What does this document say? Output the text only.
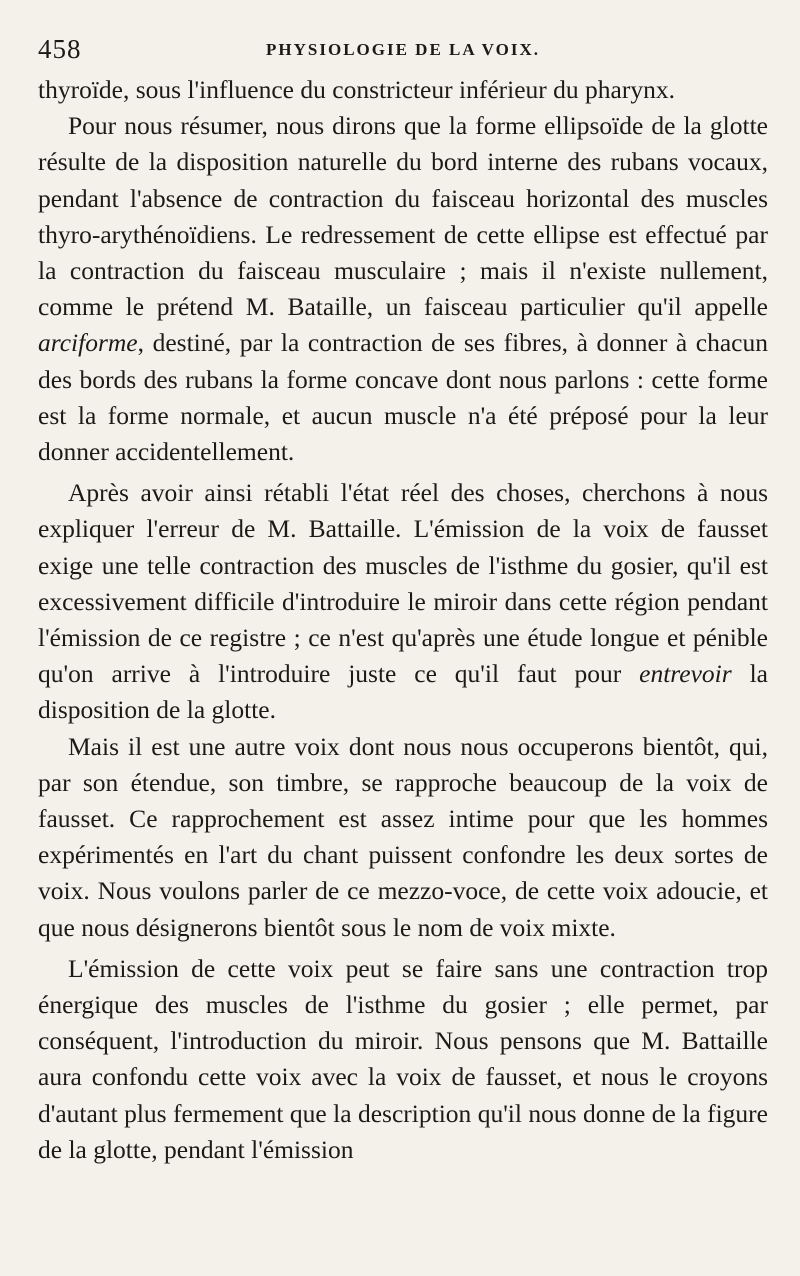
458	PHYSIOLOGIE DE LA VOIX.

thyroïde, sous l'influence du constricteur inférieur du pharynx.

Pour nous résumer, nous dirons que la forme ellipsoïde de la glotte résulte de la disposition naturelle du bord interne des rubans vocaux, pendant l'absence de contraction du faisceau horizontal des muscles thyro-arythénoïdiens. Le redressement de cette ellipse est effectué par la contraction du faisceau musculaire ; mais il n'existe nullement, comme le prétend M. Bataille, un faisceau particulier qu'il appelle arciforme, destiné, par la contraction de ses fibres, à donner à chacun des bords des rubans la forme concave dont nous parlons : cette forme est la forme normale, et aucun muscle n'a été préposé pour la leur donner accidentellement.

Après avoir ainsi rétabli l'état réel des choses, cherchons à nous expliquer l'erreur de M. Battaille. L'émission de la voix de fausset exige une telle contraction des muscles de l'isthme du gosier, qu'il est excessivement difficile d'introduire le miroir dans cette région pendant l'émission de ce registre ; ce n'est qu'après une étude longue et pénible qu'on arrive à l'introduire juste ce qu'il faut pour entrevoir la disposition de la glotte.

Mais il est une autre voix dont nous nous occuperons bientôt, qui, par son étendue, son timbre, se rapproche beaucoup de la voix de fausset. Ce rapprochement est assez intime pour que les hommes expérimentés en l'art du chant puissent confondre les deux sortes de voix. Nous voulons parler de ce mezzo-voce, de cette voix adoucie, et que nous désignerons bientôt sous le nom de voix mixte.

L'émission de cette voix peut se faire sans une contraction trop énergique des muscles de l'isthme du gosier ; elle permet, par conséquent, l'introduction du miroir. Nous pensons que M. Battaille aura confondu cette voix avec la voix de fausset, et nous le croyons d'autant plus fermement que la description qu'il nous donne de la figure de la glotte, pendant l'émission
